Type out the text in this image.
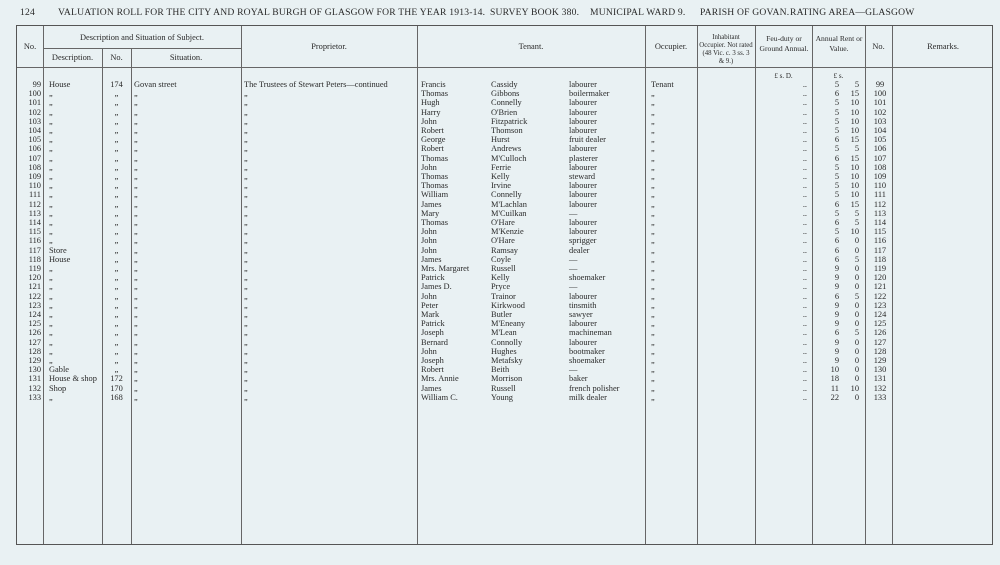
124 VALUATION ROLL FOR THE CITY AND ROYAL BURGH OF GLASGOW FOR THE YEAR 1913-14. SURVEY BOOK 380. MUNICIPAL WARD 9. PARISH OF GOVAN. RATING AREA—GLASGOW
No.
Description and Situation of Subject.
Description.	No.	Situation.
Proprietor.	Tenant.	Occupier.
Inhabitant Occupier. Not rated (48 Vic. c. 3 ss. 3 & 9.)
Feu-duty or Ground Annual.
Annual Rent or Value.	No.	Remarks.
£ s. D.	£ s.
99 House	174	Govan street	The Trustees of Stewart Peters—continued	Francis	Cassidy	labourer	Tenant	..	5	5	99
100 „	„	„	„	Thomas	Gibbons	boilermaker	„	..	6	15	100
101 „	„	„	„	Hugh	Connelly	labourer	„	..	5	10	101
102 „	„	„	„	Harry	O'Brien	labourer	„	..	5	10	102
103 „	„	„	„	John	Fitzpatrick	labourer	„	..	5	10	103
104 „	„	„	„	Robert	Thomson	labourer	„	..	5	10	104
105 „	„	„	„	George	Hurst	fruit dealer	„	..	6	15	105
106 „	„	„	„	Robert	Andrews	labourer	„	..	5	5	106
107 „	„	„	„	Thomas	M'Culloch	plasterer	„	..	6	15	107
108 „	„	„	„	John	Ferrie	labourer	„	..	5	10	108
109 „	„	„	„	Thomas	Kelly	steward	„	..	5	10	109
110 „	„	„	„	Thomas	Irvine	labourer	„	..	5	10	110
111 „	„	„	„	William	Connelly	labourer	„	..	5	10	111
112 „	„	„	„	James	M'Lachlan	labourer	„	..	6	15	112
113 „	„	„	„	Mary	M'Cuilkan	—	„	..	5	5	113
114 „	„	„	„	Thomas	O'Hare	labourer	„	..	6	5	114
115 „	„	„	„	John	M'Kenzie	labourer	„	..	5	10	115
116 „	„	„	„	John	O'Hare	sprigger	„	..	6	0	116
117 Store	„	„	„	John	Ramsay	dealer	„	..	6	0	117
118 House	„	„	„	James	Coyle	—	„	..	6	5	118
119 „	„	„	„	Mrs. Margaret	Russell	—	„	..	9	0	119
120 „	„	„	„	Patrick	Kelly	shoemaker	„	..	9	0	120
121 „	„	„	„	James D.	Pryce	—	„	..	9	0	121
122 „	„	„	„	John	Trainor	labourer	„	..	6	5	122
123 „	„	„	„	Peter	Kirkwood	tinsmith	„	..	9	0	123
124 „	„	„	„	Mark	Butler	sawyer	„	..	9	0	124
125 „	„	„	„	Patrick	M'Eneany	labourer	„	..	9	0	125
126 „	„	„	„	Joseph	M'Lean	machineman	„	..	6	5	126
127 „	„	„	„	Bernard	Connolly	labourer	„	..	9	0	127
128 „	„	„	„	John	Hughes	bootmaker	„	..	9	0	128
129 „	„	„	„	Joseph	Metafsky	shoemaker	„	..	9	0	129
130 Gable	„	„	„	Robert	Beith	—	„	..	10	0	130
131 House & shop	172	„	„	Mrs. Annie	Morrison	baker	„	..	18	0	131
132 Shop	170	„	„	James	Russell	french polisher	„	..	11	10	132
133 „	168	„	„	William C.	Young	milk dealer	„	..	22	0	133
